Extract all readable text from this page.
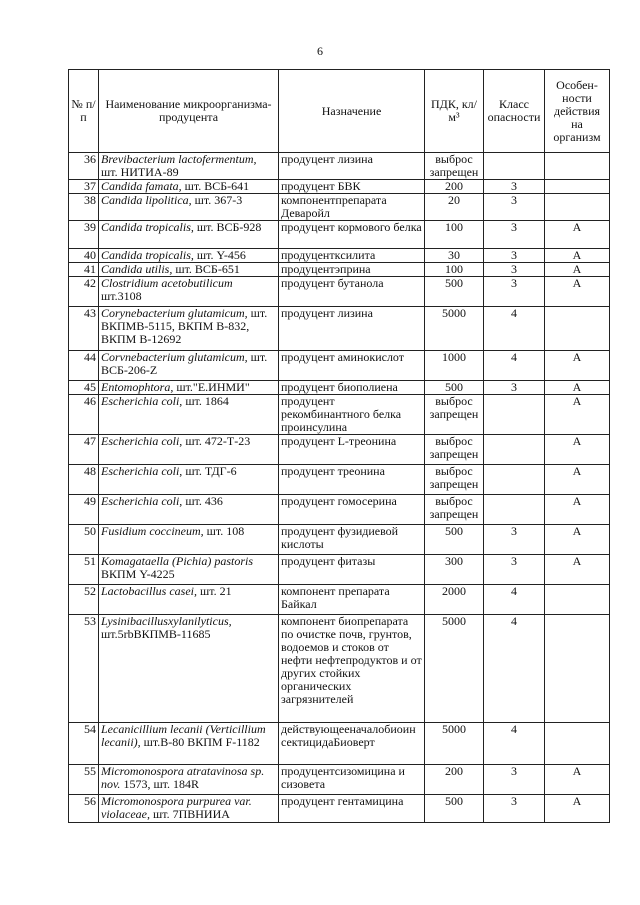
6
№ п/п	Наименование микроорганизма-продуцента	Назначение	ПДК, кл/м³	Класс опасности	Особен-ности действия на организм
36	Brevibacterium lactofermentum, шт. НИТИА-89	продуцент лизина	выброс запрещен		
37	Candida famata, шт. ВСБ-641	продуцент БВК	200	3	
38	Candida lipolitica, шт. 367-3	компонентпрепарата Деваройл	20	3	
39	Candida tropicalis, шт. ВСБ-928	продуцент кормового белка	100	3	А
40	Candida tropicalis, шт. Y-456	продуценткcилита	30	3	А
41	Candida utilis, шт. ВСБ-651	продуцентэприна	100	3	А
42	Clostridium acetobutilicum шт.3108	продуцент бутанола	500	3	А
43	Corynebacterium glutamicum, шт. ВКПМВ-5115, ВКПМ В-832, ВКПМ В-12692	продуцент лизина	5000	4	
44	Corvnebacterium glutamicum, шт. ВСБ-206-Z	продуцент аминокислот	1000	4	А
45	Entomophtora, шт."Е.ИНМИ"	продуцент биополиена	500	3	А
46	Escherichia coli, шт. 1864	продуцент рекомбинантного белка проинсулина	выброс запрещен		А
47	Escherichia coli, шт. 472-Т-23	продуцент L-треонина	выброс запрещен		А
48	Escherichia coli, шт. ТДГ-6	продуцент треонина	выброс запрещен		А
49	Escherichia coli, шт. 436	продуцент гомосерина	выброс запрещен		А
50	Fusidium coccineum, шт. 108	продуцент фузидиевой кислоты	500	3	А
51	Komagataella (Pichia) pastoris ВКПМ Y-4225	продуцент фитазы	300	3	А
52	Lactobacillus casei, шт. 21	компонент препарата Байкал	2000	4	
53	Lysinibacillusxylanilyticus, шт.5rbВКПМВ-11685	компонент биопрепарата по очистке почв, грунтов, водоемов и стоков от нефти нефтепродуктов и от других стойких органических загрязнителей	5000	4	
54	Lecanicillium lecanii (Verticillium lecanii), шт.В-80 ВКПМ F-1182	действующееначалобиоин сектицидаБиоверт	5000	4	
55	Micromonospora atratavinosa sp. nov. 1573, шт. 184R	продуцентсизомицина и сизовета	200	3	А
56	Micromonospora purpurea var. violaceae, шт. 7ПВНИИА	продуцент гентамицина	500	3	А
